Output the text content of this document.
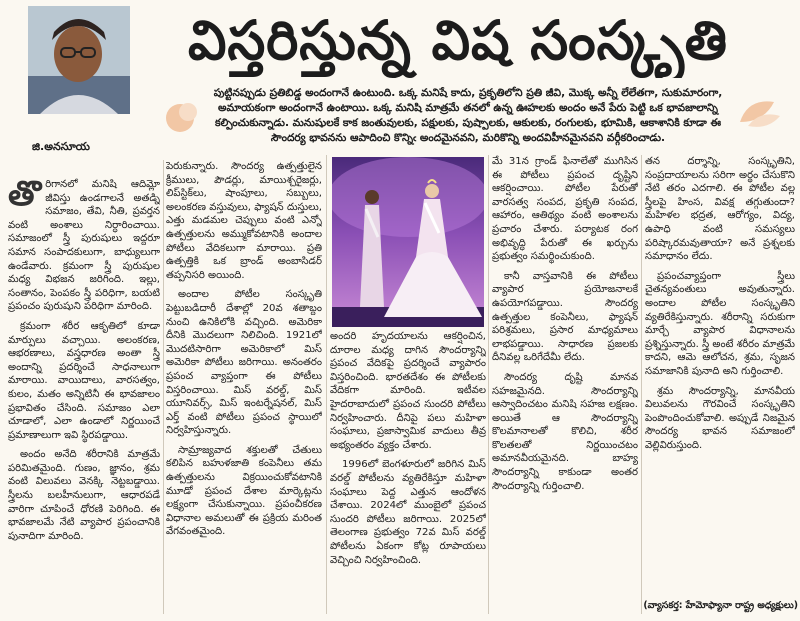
జి.అనసూయ
విస్తరిస్తున్న విష సంస్కృతి
పుట్టినప్పుడు ప్రతిబిడ్డ అందంగానే ఉంటుంది. ఒక్క మనిషే కాదు, ప్రకృతిలోని ప్రతి జీవి, మొక్క అన్నీ లేలేతగా, సుకుమారంగా, అమాయకంగా అందంగానే ఉంటాయి. ఒక్క మనిషి మాత్రమే తనలో ఉన్న ఊహలకు అందం అనే పేరు పెట్టి ఒక భావజాలాన్ని కల్పించుకున్నాడు. మనుషులకే కాక జంతువులకు, పక్షులకు, పుష్పాలకు, ఆకులకు, రంగులకు, భూమికి, ఆకాశానికి కూడా ఈ సౌందర్య భావనను ఆపాదించి కొన్నిఁ అందమైనవని, మరికొన్ని అందవిహీనమైనవని వర్గీకరించాడు.

తొరిగానలో మనిషి ఆదిమ్లో జీవిస్తు ఉండగాలనే అతడ్ని సమాజం, తేవి, నీతి, ప్రవర్తన వంటి అంశాలు నిర్ధారించాయి. సమాజంలో స్త్రీ పురుషులు ఇద్దరూ సమాన సంపాదకులుగా, బాధ్యులుగా ఉండేవారు. క్రమంగా స్త్రీ పురుషుల మధ్య విభజన జరిగింది. ఇల్లు, సంతానం, పెంపకం స్త్రీ పరిధిగా, బయటి ప్రపంచం పురుషుని పరిధిగా మారింది.

క్రమంగా శరీర ఆకృతిలో కూడా మార్పులు వచ్చాయి. అలంకరణ, ఆభరణాలు, వస్త్రధారణ అంతా స్త్రీ అందాన్ని ప్రదర్శించే సాధనాలుగా మారాయి. వాయిదాలు, వారసత్వం, కులం, మతం అన్నిటినీ ఈ భావజాలం ప్రభావితం చేసింది. సమాజం ఎలా చూడాలో, ఎలా ఉండాలో నిర్ణయించే ప్రమాణాలుగా ఇవి స్థిరపడ్డాయి.

అందం అనేది శరీరానికి మాత్రమే పరిమితమైంది. గుణం, జ్ఞానం, శ్రమ వంటి విలువలు వెనక్కి నెట్టబడ్డాయి. స్త్రీలను బలహీనులుగా, ఆధారపడే వారిగా చూపించే ధోరణి పెరిగింది. ఈ భావజాలమే నేటి వ్యాపార ప్రపంచానికి పునాదిగా మారింది.

పెరుకున్నారు. సౌందర్య ఉత్పత్తులైన క్రీములు, పౌడర్లు, మాయిశ్చరైజర్లు, లిప్‌స్టిక్‌లు, షాంపూలు, సబ్బులు, అలంకరణ వస్తువులు, ఫ్యాషన్ దుస్తులు, ఎత్తు మడమల చెప్పులు వంటి ఎన్నో ఉత్పత్తులను అమ్ముకోవటానికి అందాల పోటీలు వేదికలుగా మారాయి. ప్రతి ఉత్పత్తికి ఒక బ్రాండ్ అంబాసిడర్ తప్పనిసరి అయింది.

అందాల పోటీల సంస్కృతి పెట్టుబడిదారీ దేశాల్లో 20వ శతాబ్దం నుంచి ఉనికిలోకి వచ్చింది. అమెరికా దీనికి మొదలుగా నిలిచింది. 1921లో మొదటిసారిగా అమెరికాలో మిస్ అమెరికా పోటీలు జరిగాయి. అనంతరం ప్రపంచ వ్యాప్తంగా ఈ పోటీలు విస్తరించాయి. మిస్ వరల్డ్, మిస్ యూనివర్స్, మిస్ ఇంటర్నేషనల్, మిస్ ఎర్త్ వంటి పోటీలు ప్రపంచ స్థాయిలో నిర్వహిస్తున్నారు.

సామ్రాజ్యవాద శక్తులతో చేతులు కలిపిన బహుళజాతి కంపెనీలు తమ ఉత్పత్తులను విక్రయించుకోవటానికి మూడో ప్రపంచ దేశాల మార్కెట్లను లక్ష్యంగా చేసుకున్నాయి. ప్రపంచీకరణ విధానాల అమలుతో ఈ ప్రక్రియ మరింత వేగవంతమైంది.

అందరి హృదయాలను ఆకర్షించిన, దూరాల మధ్య దాగిన సౌందర్యాన్ని ప్రపంచ వేదికపై ప్రదర్శించే వ్యాపారం విస్తరించింది. భారతదేశం ఈ పోటీలకు వేదికగా మారింది. ఇటీవల హైదరాబాదులో ప్రపంచ సుందరి పోటీలు నిర్వహించారు. దీనిపై పలు మహిళా సంఘాలు, ప్రజాస్వామిక వాదులు తీవ్ర అభ్యంతరం వ్యక్తం చేశారు.

1996లో బెంగళూరులో జరిగిన మిస్ వరల్డ్ పోటీలను వ్యతిరేకిస్తూ మహిళా సంఘాలు పెద్ద ఎత్తున ఆందోళన చేశాయి. 2024లో ముంబైలో ప్రపంచ సుందరి పోటీలు జరిగాయి. 2025లో తెలంగాణ ప్రభుత్వం 72వ మిస్ వరల్డ్ పోటీలను ఏకంగా కోట్ల రూపాయలు వెచ్చించి నిర్వహించింది.

మే 31న గ్రాండ్ ఫినాలేతో ముగిసిన ఈ పోటీలు ప్రపంచ దృష్టిని ఆకర్షించాయి. పోటీల పేరుతో వారసత్వ సంపద, ప్రకృతి సంపద, ఆహారం, ఆతిథ్యం వంటి అంశాలను ప్రచారం చేశారు. పర్యాటక రంగ అభివృద్ధి పేరుతో ఈ ఖర్చును ప్రభుత్వం సమర్థించుకుంది.

కానీ వాస్తవానికి ఈ పోటీలు వ్యాపార ప్రయోజనాలకే ఉపయోగపడ్డాయి. సౌందర్య ఉత్పత్తుల కంపెనీలు, ఫ్యాషన్ పరిశ్రమలు, ప్రసార మాధ్యమాలు లాభపడ్డాయి. సాధారణ ప్రజలకు దీనివల్ల ఒరిగేదేమీ లేదు.

సౌందర్య దృష్టి మానవ సహజమైనది. సౌందర్యాన్ని ఆస్వాదించటం మనిషి సహజ లక్షణం. అయితే ఆ సౌందర్యాన్ని కొలమానాలతో కొలిచి, శరీర కొలతలతో నిర్ణయించటం అమానవీయమైనది. బాహ్య సౌందర్యాన్ని కాకుండా అంతర సౌందర్యాన్ని గుర్తించాలి.

తన దర్శాన్ని, సంస్కృతిని, సంప్రదాయాలను సరిగా అర్థం చేసుకొని నేటి తరం ఎదగాలి. ఈ పోటీల వల్ల స్త్రీలపై హింస, వివక్ష తగ్గుతుందా? మహిళల భద్రత, ఆరోగ్యం, విద్య, ఉపాధి వంటి సమస్యలు పరిష్కారమవుతాయా? అనే ప్రశ్నలకు సమాధానం లేదు.

ప్రపంచవ్యాప్తంగా స్త్రీలు చైతన్యవంతులు అవుతున్నారు. అందాల పోటీల సంస్కృతిని వ్యతిరేకిస్తున్నారు. శరీరాన్ని సరుకుగా మార్చే వ్యాపార విధానాలను ప్రశ్నిస్తున్నారు. స్త్రీ అంటే శరీరం మాత్రమే కాదని, ఆమె ఆలోచన, శ్రమ, సృజన సమాజానికి పునాది అని గుర్తించాలి.

శ్రమ సౌందర్యాన్ని, మానవీయ విలువలను గౌరవించే సంస్కృతిని పెంపొందించుకోవాలి. అప్పుడే నిజమైన సౌందర్య భావన సమాజంలో వెల్లివిరుస్తుంది.

(వ్యాసకర్త: హేమోఫ్యానా రాష్ట్ర అధ్యక్షులు)
